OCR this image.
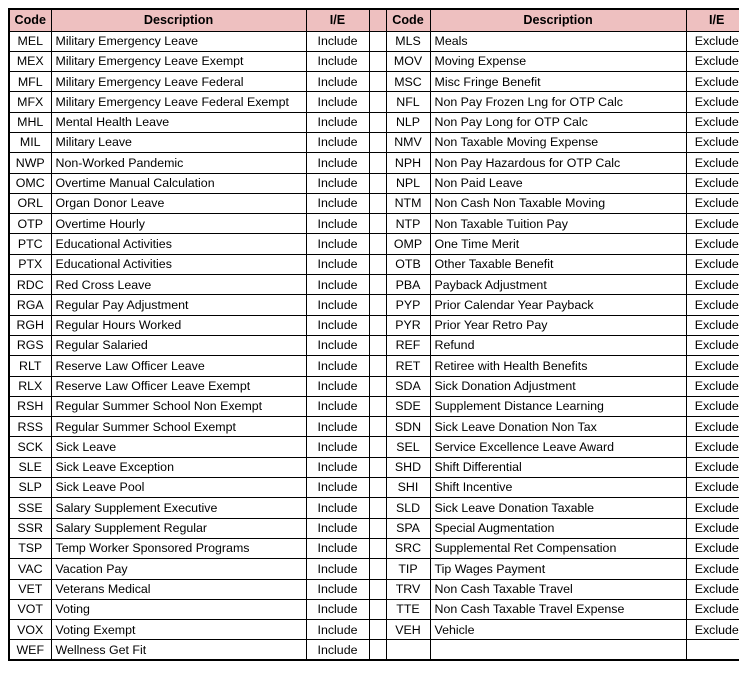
Code	Description	I/E		Code	Description	I/E
MEL	Military Emergency Leave	Include		MLS	Meals	Exclude
MEX	Military Emergency Leave Exempt	Include		MOV	Moving Expense	Exclude
MFL	Military Emergency Leave Federal	Include		MSC	Misc Fringe Benefit	Exclude
MFX	Military Emergency Leave Federal Exempt	Include		NFL	Non Pay Frozen Lng for OTP Calc	Exclude
MHL	Mental Health Leave	Include		NLP	Non Pay Long for OTP Calc	Exclude
MIL	Military Leave	Include		NMV	Non Taxable Moving Expense	Exclude
NWP	Non-Worked Pandemic	Include		NPH	Non Pay Hazardous for OTP Calc	Exclude
OMC	Overtime Manual Calculation	Include		NPL	Non Paid Leave	Exclude
ORL	Organ Donor Leave	Include		NTM	Non Cash Non Taxable Moving	Exclude
OTP	Overtime Hourly	Include		NTP	Non Taxable Tuition Pay	Exclude
PTC	Educational Activities	Include		OMP	One Time Merit	Exclude
PTX	Educational Activities	Include		OTB	Other Taxable Benefit	Exclude
RDC	Red Cross Leave	Include		PBA	Payback Adjustment	Exclude
RGA	Regular Pay Adjustment	Include		PYP	Prior Calendar Year Payback	Exclude
RGH	Regular Hours Worked	Include		PYR	Prior Year Retro Pay	Exclude
RGS	Regular Salaried	Include		REF	Refund	Exclude
RLT	Reserve Law Officer Leave	Include		RET	Retiree with Health Benefits	Exclude
RLX	Reserve Law Officer Leave Exempt	Include		SDA	Sick Donation Adjustment	Exclude
RSH	Regular Summer School Non Exempt	Include		SDE	Supplement Distance Learning	Exclude
RSS	Regular Summer School Exempt	Include		SDN	Sick Leave Donation Non Tax	Exclude
SCK	Sick Leave	Include		SEL	Service Excellence Leave Award	Exclude
SLE	Sick Leave Exception	Include		SHD	Shift Differential	Exclude
SLP	Sick Leave Pool	Include		SHI	Shift Incentive	Exclude
SSE	Salary Supplement Executive	Include		SLD	Sick Leave Donation Taxable	Exclude
SSR	Salary Supplement Regular	Include		SPA	Special Augmentation	Exclude
TSP	Temp Worker Sponsored Programs	Include		SRC	Supplemental Ret Compensation	Exclude
VAC	Vacation Pay	Include		TIP	Tip Wages Payment	Exclude
VET	Veterans Medical	Include		TRV	Non Cash Taxable Travel	Exclude
VOT	Voting	Include		TTE	Non Cash Taxable Travel Expense	Exclude
VOX	Voting Exempt	Include		VEH	Vehicle	Exclude
WEF	Wellness Get Fit	Include				
